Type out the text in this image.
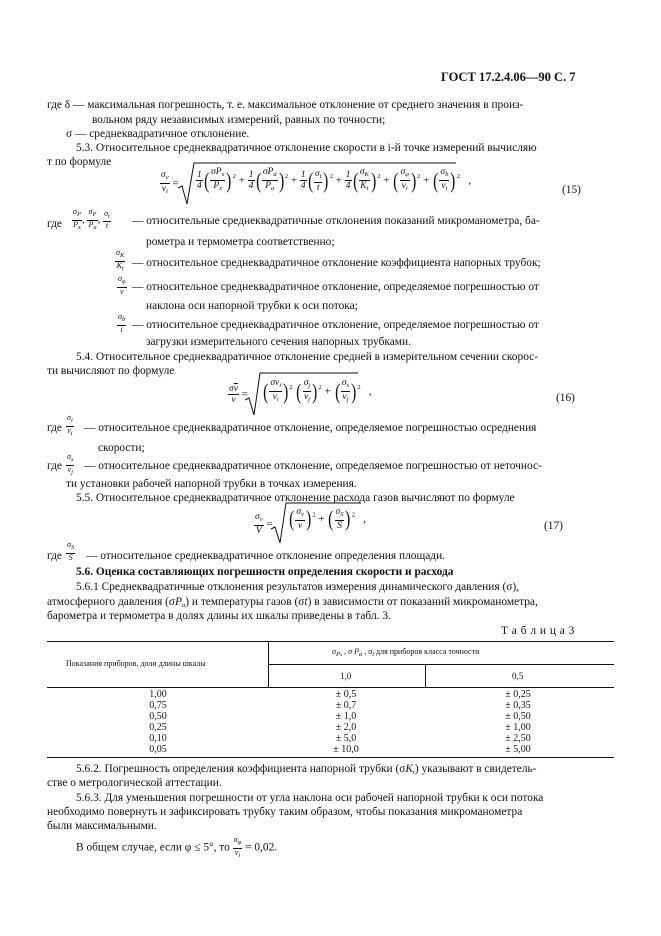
ГОСТ 17.2.4.06—90 С. 7
где δ — максимальная погрешность, т. е. максимальное отклонение от среднего значения в произ-
вольном ряду независимых измерений, равных по точности;
σ — среднеквадратичное отклонение.
5.3. Относительное среднеквадратичное отклонение скорости в i-й точке измерений вычисляю
т по формуле
$\frac{\sigma_v}{v_i} = \frac{1}{4}$ ( $\frac{\sigma P_x}{P_x} )^2 + \frac{1}{4}$ ( $\frac{\sigma P_a}{P_a} )^2 + \frac{1}{4}$ ( $\frac{\sigma_t}{t} )^2 + \frac{1}{4}$ ( $\frac{\sigma_K}{K_t} )^2$ + ( $\frac{\sigma_\varphi}{v_i} )^2$ + ( $\frac{\sigma_b}{v_i} )^2$   ,
(15)
где $\frac{\sigma_P}{P_x}$ , $\frac{\sigma_P}{P_a}$ , $\frac{\sigma_t}{t}$ — относительные среднеквадратичные отклонения показаний микроманометра, ба-
рометра и термометра соответственно;
$\frac{\sigma_K}{K_t}$ — относительное среднеквадратичное отклонение коэффициента напорных трубок;
$\frac{\sigma_\varphi}{v}$ — относительное среднеквадратичное отклонение, определяемое погрешностью от
наклона оси напорной трубки к оси потока;
$\frac{\sigma_b}{i}$ — относительное среднеквадратичное отклонение, определяемое погрешностью от
загрузки измерительного сечения напорных трубками.
5.4. Относительное среднеквадратичное отклонение средней в измерительном сечении скорос-
ти вычисляют по формуле
$\frac{\sigma\overline{v}}{v}$ = ( $\frac{\sigma v_i}{v_i} )^2$ ( $\frac{\sigma_j}{v_j} )^2$ + ( $\frac{\sigma_s}{v_j} )^2$   ,
(16)
где $\frac{\sigma_i}{v_i}$ — относительное среднеквадратичное отклонение, определяемое погрешностью осреднения
скорости;
где $\frac{\sigma_s}{v_j}$ — относительное среднеквадратичное отклонение, определяемое погрешностью от неточнос-
ти установки рабочей напорной трубки в точках измерения.
5.5. Относительное среднеквадратичное отклонение расхода газов вычисляют по формуле
$\frac{\sigma_v}{V}$ = ( $\frac{\sigma_v}{v} )^2$ + ( $\frac{\sigma_S}{S} )^2$   ,
(17)
где $\frac{\sigma_S}{S}$ — относительное среднеквадратичное отклонение определения площади.
5.6. Оценка составляющих погрешности определения скорости и расхода
5.6.1 Среднеквадратичные отклонения результатов измерения динамического давления (σ),
атмосферного давления $(\sigma P_a)$ и температуры газов (σt) в зависимости от показаний микроманометра,
барометра и термометра в долях длины их шкалы приведены в табл. 3.
Т а б л и ц а 3
Показания приборов, доли длины шкалы
$\sigma_{Px}$ , σ $P_a$ , $\sigma_t$ для приборов класса точности
1,0	0,5
1,00	± 0,5	± 0,25
0,75	± 0,7	± 0,35
0,50	± 1,0	± 0,50
0,25	± 2,0	± 1,00
0,10	± 5,0	± 2,50
0,05	± 10,0	± 5,00
5.6.2. Погрешность определения коэффициента напорной трубки $(\sigma K_t)$ указывают в свидетель-
стве о метрологической аттестации.
5.6.3. Для уменьшения погрешности от угла наклона оси рабочей напорной трубки к оси потока
необходимо повернуть и зафиксировать трубку таким образом, чтобы показания микроманометра
были максимальными.
В общем случае, если φ ≤ 5°, то $\frac{\sigma_\varphi}{v_i} = 0,02$.
